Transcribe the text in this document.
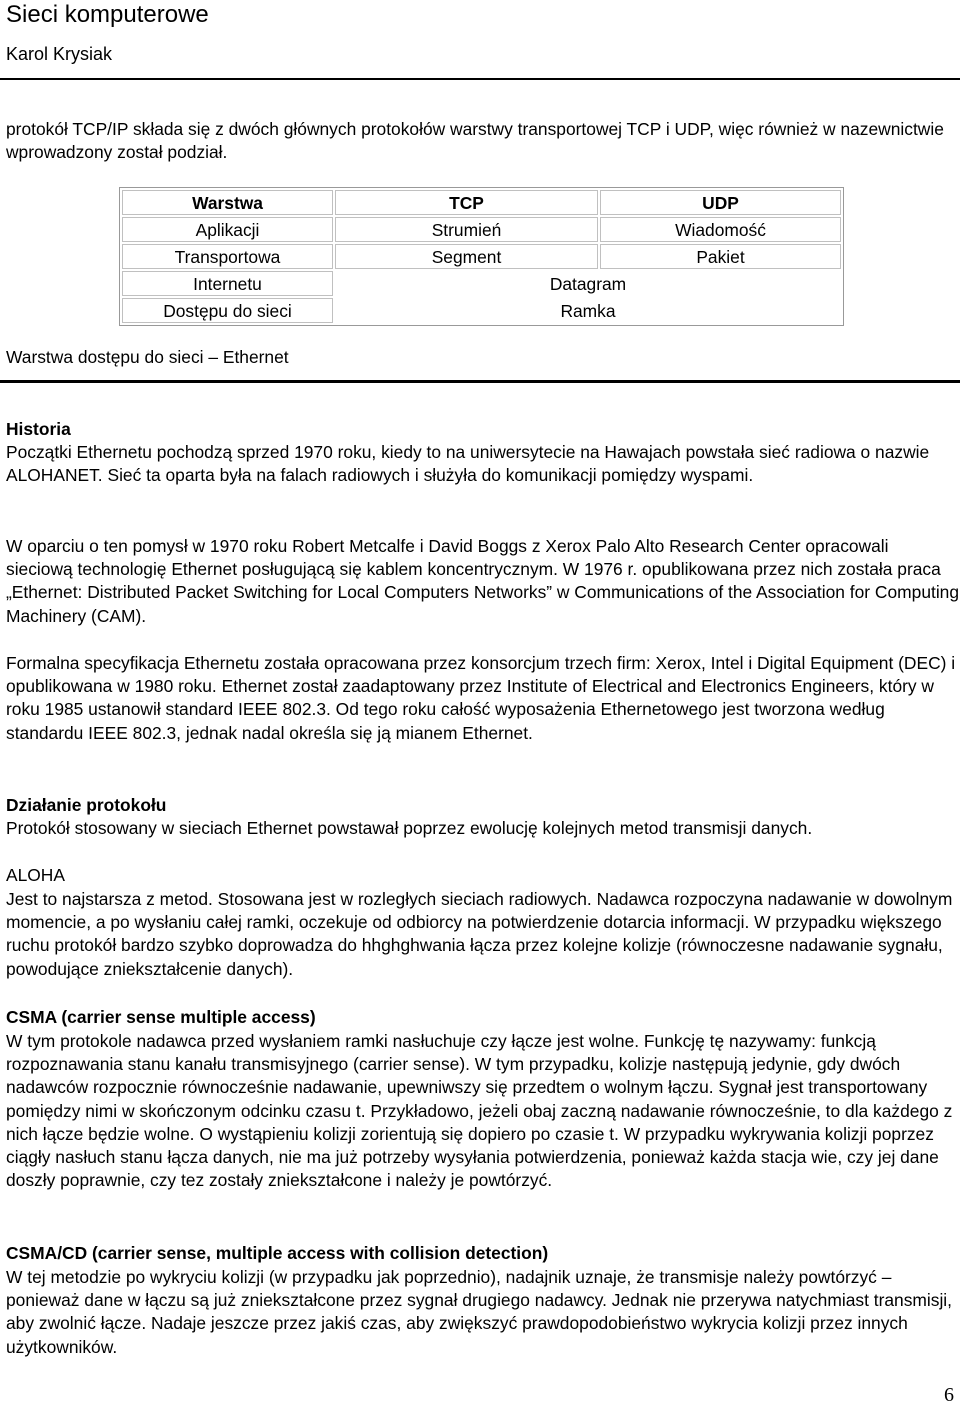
Sieci komputerowe
Karol Krysiak

protokół TCP/IP składa się z dwóch głównych protokołów warstwy transportowej TCP i UDP, więc również w nazewnictwie wprowadzony został podział.

Warstwa	TCP	UDP
Aplikacji	Strumień	Wiadomość
Transportowa	Segment	Pakiet
Internetu	Datagram	
Dostępu do sieci	Ramka	

Warstwa dostępu do sieci – Ethernet

Historia

Początki Ethernetu pochodzą sprzed 1970 roku, kiedy to na uniwersytecie na Hawajach powstała sieć radiowa o nazwie ALOHANET. Sieć ta oparta była na falach radiowych i służyła do komunikacji pomiędzy wyspami.

W oparciu o ten pomysł w 1970 roku Robert Metcalfe i David Boggs z Xerox Palo Alto Research Center opracowali sieciową technologię Ethernet posługującą się kablem koncentrycznym. W 1976 r. opublikowana przez nich została praca „Ethernet: Distributed Packet Switching for Local Computers Networks” w Communications of the Association for Computing Machinery (CAM).

Formalna specyfikacja Ethernetu została opracowana przez konsorcjum trzech firm: Xerox, Intel i Digital Equipment (DEC) i opublikowana w 1980 roku. Ethernet został zaadaptowany przez Institute of Electrical and Electronics Engineers, który w roku 1985 ustanowił standard IEEE 802.3. Od tego roku całość wyposażenia Ethernetowego jest tworzona według standardu IEEE 802.3, jednak nadal określa się ją mianem Ethernet.

Działanie protokołu

Protokół stosowany w sieciach Ethernet powstawał poprzez ewolucję kolejnych metod transmisji danych.

ALOHA

Jest to najstarsza z metod. Stosowana jest w rozległych sieciach radiowych. Nadawca rozpoczyna nadawanie w dowolnym momencie, a po wysłaniu całej ramki, oczekuje od odbiorcy na potwierdzenie dotarcia informacji. W przypadku większego ruchu protokół bardzo szybko doprowadza do hhghghwania łącza przez kolejne kolizje (równoczesne nadawanie sygnału, powodujące zniekształcenie danych).

CSMA (carrier sense multiple access)

W tym protokole nadawca przed wysłaniem ramki nasłuchuje czy łącze jest wolne. Funkcję tę nazywamy: funkcją rozpoznawania stanu kanału transmisyjnego (carrier sense). W tym przypadku, kolizje następują jedynie, gdy dwóch nadawców rozpocznie równocześnie nadawanie, upewniwszy się przedtem o wolnym łączu. Sygnał jest transportowany pomiędzy nimi w skończonym odcinku czasu t. Przykładowo, jeżeli obaj zaczną nadawanie równocześnie, to dla każdego z nich łącze będzie wolne. O wystąpieniu kolizji zorientują się dopiero po czasie t. W przypadku wykrywania kolizji poprzez ciągły nasłuch stanu łącza danych, nie ma już potrzeby wysyłania potwierdzenia, ponieważ każda stacja wie, czy jej dane doszły poprawnie, czy tez zostały zniekształcone i należy je powtórzyć.

CSMA/CD (carrier sense, multiple access with collision detection)

W tej metodzie po wykryciu kolizji (w przypadku jak poprzednio), nadajnik uznaje, że transmisje należy powtórzyć – ponieważ dane w łączu są już zniekształcone przez sygnał drugiego nadawcy. Jednak nie przerywa natychmiast transmisji, aby zwolnić łącze. Nadaje jeszcze przez jakiś czas, aby zwiększyć prawdopodobieństwo wykrycia kolizji przez innych użytkowników.

6
